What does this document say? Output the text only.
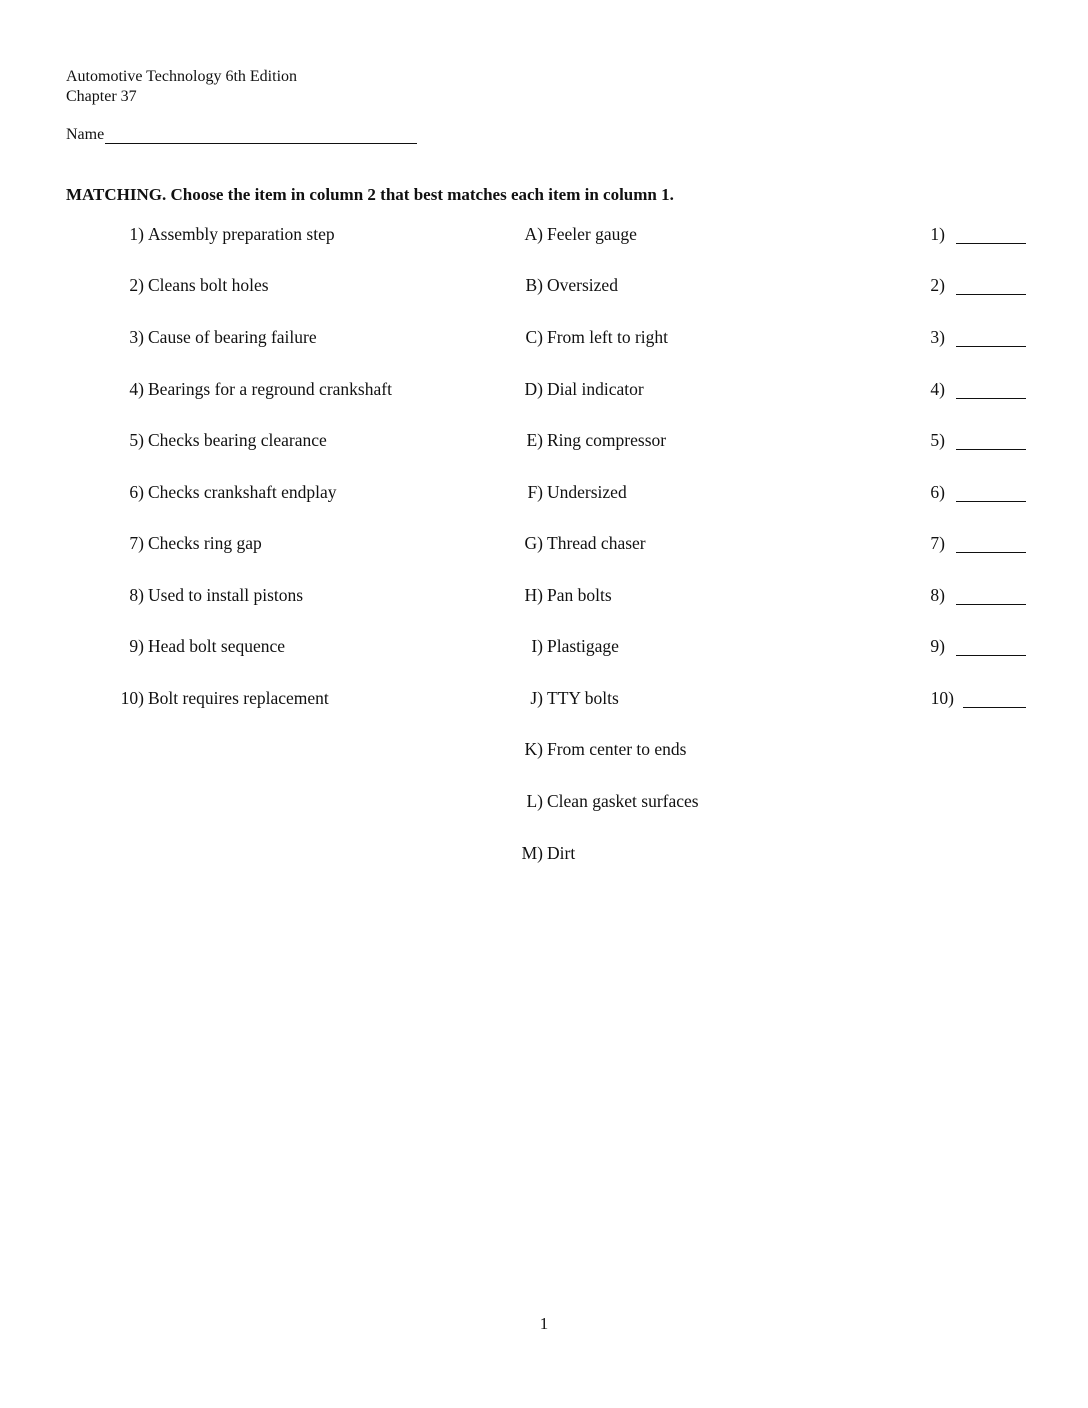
Automotive Technology 6th Edition
Chapter 37
Name
MATCHING. Choose the item in column 2 that best matches each item in column 1.
1) Assembly preparation step	A) Feeler gauge	1)
2) Cleans bolt holes	B) Oversized	2)
3) Cause of bearing failure	C) From left to right	3)
4) Bearings for a reground crankshaft	D) Dial indicator	4)
5) Checks bearing clearance	E) Ring compressor	5)
6) Checks crankshaft endplay	F) Undersized	6)
7) Checks ring gap	G) Thread chaser	7)
8) Used to install pistons	H) Pan bolts	8)
9) Head bolt sequence	I) Plastigage	9)
10) Bolt requires replacement	J) TTY bolts	10)
K) From center to ends
L) Clean gasket surfaces
M) Dirt
1
